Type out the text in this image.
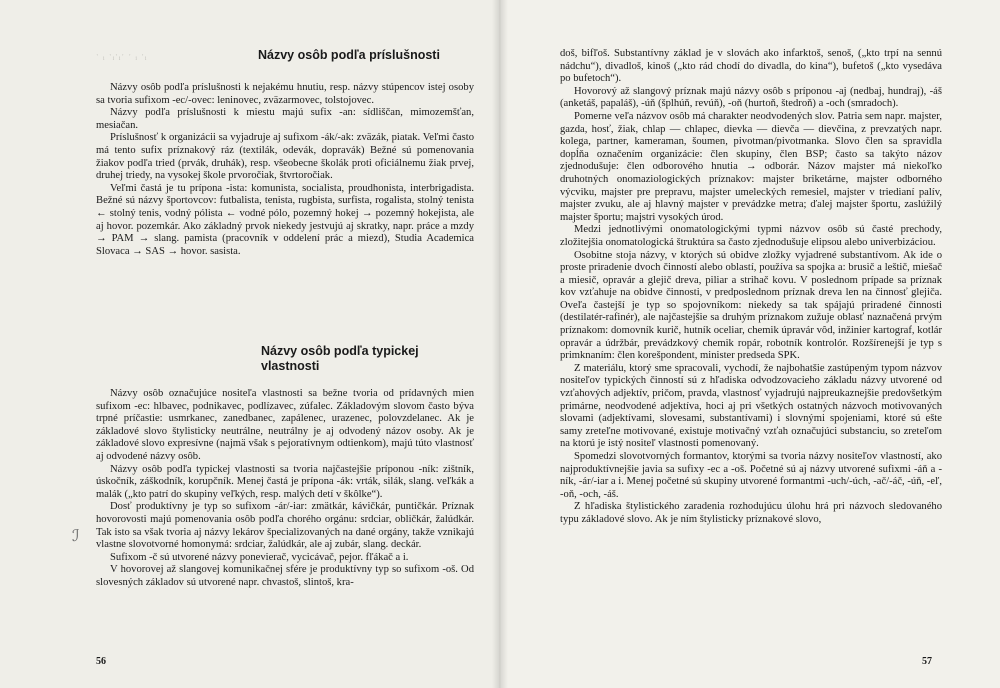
ˑ ᵢ ˑᵢˑᵢˑ ˑ ᵢ ˑᵢ	Názvy osôb podľa príslušnosti

Názvy osôb podľa príslušnosti k nejakému hnutiu, resp. názvy stúpencov istej osoby sa tvoria sufixom -ec/-ovec: leninovec, zväzarmovec, tolstojovec.

Názvy podľa príslušnosti k miestu majú sufix -an: sídliščan, mimozemšťan, mesiačan.

Príslušnosť k organizácii sa vyjadruje aj sufixom -ák/-ak: zväzák, piatak. Veľmi často má tento sufix príznakový ráz (textilák, odevák, dopravák) Bežné sú pomenovania žiakov podľa tried (prvák, druhák), resp. všeobecne školák proti oficiálnemu žiak prvej, druhej triedy, na vysokej škole prvoročiak, štvrtoročiak.

Veľmi častá je tu prípona -ista: komunista, socialista, proudhonista, interbrigadista. Bežné sú názvy športovcov: futbalista, tenista, rugbista, surfista, rogalista, stolný tenista ← stolný tenis, vodný pólista ← vodné pólo, pozemný hokej → pozemný hokejista, ale aj hovor. pozemkár. Ako základný prvok niekedy jestvujú aj skratky, napr. práce a mzdy → PAM → slang. pamista (pracovník v oddelení prác a miezd), Studia Academica Slovaca → SAS → hovor. sasista.

Názvy osôb podľa typickej
vlastnosti

Názvy osôb označujúce nositeľa vlastnosti sa bežne tvoria od prídavných mien sufixom -ec: hlbavec, podnikavec, podlízavec, zúfalec. Základovým slovom často býva trpné príčastie: usmrkanec, zanedbanec, zapálenec, urazenec, polovzdelanec. Ak je základové slovo štylisticky neutrálne, neutrálny je aj odvodený názov osoby. Ak je základové slovo expresívne (najmä však s pejoratívnym odtienkom), majú túto vlastnosť aj odvodené názvy osôb.

Názvy osôb podľa typickej vlastnosti sa tvoria najčastejšie príponou -ník: zištník, úskočník, záškodník, korupčník. Menej častá je prípona -ák: vrták, silák, slang. veľkák a malák („kto patrí do skupiny veľkých, resp. malých detí v škôlke“).

Dosť produktívny je typ so sufixom -ár/-iar: zmätkár, kávičkár, puntičkár. Príznak hovorovosti majú pomenovania osôb podľa chorého orgánu: srdciar, obličkár, žalúdkár. Tak isto sa však tvoria aj názvy lekárov špecializovaných na dané orgány, takže vznikajú vlastne slovotvorné homonymá: srdciar, žalúdkár, ale aj zubár, slang. deckár.

Sufixom -č sú utvorené názvy ponevierač, vycicávač, pejor. fľákač a i.

V hovorovej až slangovej komunikačnej sfére je produktívny typ so sufixom -oš. Od slovesných základov sú utvorené napr. chvastoš, slintoš, kra-

ℐ
56

doš, bifľoš. Substantívny základ je v slovách ako infarktoš, senoš, („kto trpí na sennú nádchu“), divadloš, kinoš („kto rád chodí do divadla, do kina“), bufetoš („kto vysedáva po bufetoch“).

Hovorový až slangový príznak majú názvy osôb s príponou -aj (nedbaj, hundraj), -áš (anketáš, papaláš), -úň (šplhúň, revúň), -oň (hurtoň, štedroň) a -och (smradoch).

Pomerne veľa názvov osôb má charakter neodvodených slov. Patria sem napr. majster, gazda, hosť, žiak, chlap — chlapec, dievka — dievča — dievčina, z prevzatých napr. kolega, partner, kameraman, šoumen, pivotman/pivotmanka. Slovo člen sa spravidla dopĺňa označením organizácie: člen skupiny, člen BSP; často sa takýto názov zjednodušuje: člen odborového hnutia → odborár. Názov majster má niekoľko druhotných onomaziologických príznakov: majster briketárne, majster odborného výcviku, majster pre prepravu, majster umeleckých remesiel, majster v triedianí palív, majster zvuku, ale aj hlavný majster v prevádzke metra; ďalej majster športu, zaslúžilý majster športu; majstri vysokých úrod.

Medzi jednotlivými onomatologickými typmi názvov osôb sú časté prechody, zložitejšia onomatologická štruktúra sa často zjednodušuje elipsou alebo univerbizáciou.

Osobitne stoja názvy, v ktorých sú obidve zložky vyjadrené substantívom. Ak ide o proste priradenie dvoch činností alebo oblastí, používa sa spojka a: brusič a leštič, miešač a miesič, opravár a glejič dreva, piliar a strihač kovu. V poslednom prípade sa príznak kov vzťahuje na obidve činnosti, v predposlednom príznak dreva len na činnosť glejiča. Oveľa častejší je typ so spojovníkom: niekedy sa tak spájajú priradené činnosti (destilatér-rafinér), ale najčastejšie sa druhým príznakom zužuje oblasť naznačená prvým príznakom: domovník kurič, hutník oceliar, chemik úpravár vôd, inžinier kartograf, kotlár opravár a údržbár, prevádzkový chemik ropár, robotník kontrolór. Rozšírenejší je typ s primknaním: člen korešpondent, minister predseda SPK.

Z materiálu, ktorý sme spracovali, vychodí, že najbohatšie zastúpeným typom názvov nositeľov typických činností sú z hľadiska odvodzovacieho základu názvy utvorené od vzťahových adjektív, pričom, pravda, vlastnosť vyjadrujú najpreukaznejšie predovšetkým primárne, neodvodené adjektíva, hoci aj pri všetkých ostatných názvoch motivovaných slovami (adjektívami, slovesami, substantívami) i slovnými spojeniami, ktoré sú ešte samy zreteľne motivované, existuje motivačný vzťah označujúci substanciu, so zreteľom na ktorú je istý nositeľ vlastnosti pomenovaný.

Spomedzi slovotvorných formantov, ktorými sa tvoria názvy nositeľov vlastností, ako najproduktívnejšie javia sa sufixy -ec a -oš. Početné sú aj názvy utvorené sufixmi -áň a -ník, -ár/-iar a i. Menej početné sú skupiny utvorené formantmi -uch/-úch, -ač/-áč, -úň, -eľ, -oň, -och, -áš.

Z hľadiska štylistického zaradenia rozhodujúcu úlohu hrá pri názvoch sledovaného typu základové slovo. Ak je ním štylisticky príznakové slovo,

57
